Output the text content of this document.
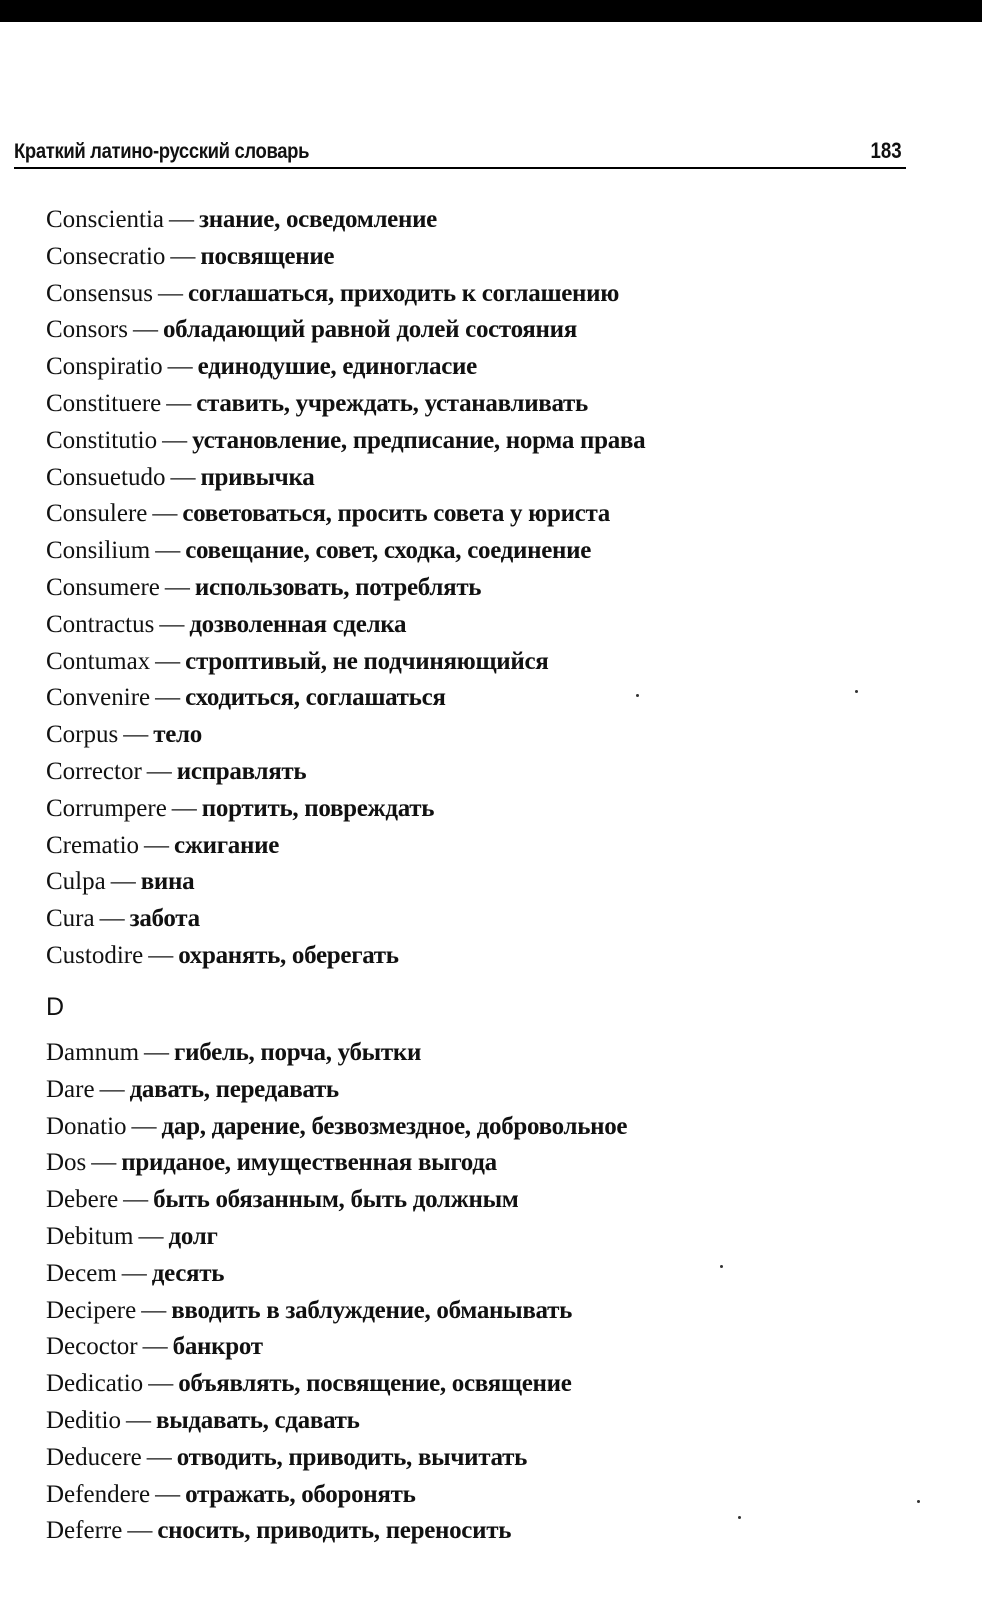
Краткий латино-русский словарь	183
Conscientia — знание, осведомление
Consecratio — посвящение
Consensus — соглашаться, приходить к соглашению
Consors — обладающий равной долей состояния
Conspiratio — единодушие, единогласие
Constituere — ставить, учреждать, устанавливать
Constitutio — установление, предписание, норма права
Consuetudo — привычка
Consulere — советоваться, просить совета у юриста
Consilium — совещание, совет, сходка, соединение
Consumere — использовать, потреблять
Contractus — дозволенная сделка
Contumax — строптивый, не подчиняющийся
Convenire — сходиться, соглашаться
Corpus — тело
Corrector — исправлять
Corrumpere — портить, повреждать
Crematio — сжигание
Culpa — вина
Cura — забота
Custodire — охранять, оберегать
D
Damnum — гибель, порча, убытки
Dare — давать, передавать
Donatio — дар, дарение, безвозмездное, добровольное
Dos — приданое, имущественная выгода
Debere — быть обязанным, быть должным
Debitum — долг
Decem — десять
Decipere — вводить в заблуждение, обманывать
Decoctor — банкрот
Dedicatio — объявлять, посвящение, освящение
Deditio — выдавать, сдавать
Deducere — отводить, приводить, вычитать
Defendere — отражать, оборонять
Deferre — сносить, приводить, переносить
